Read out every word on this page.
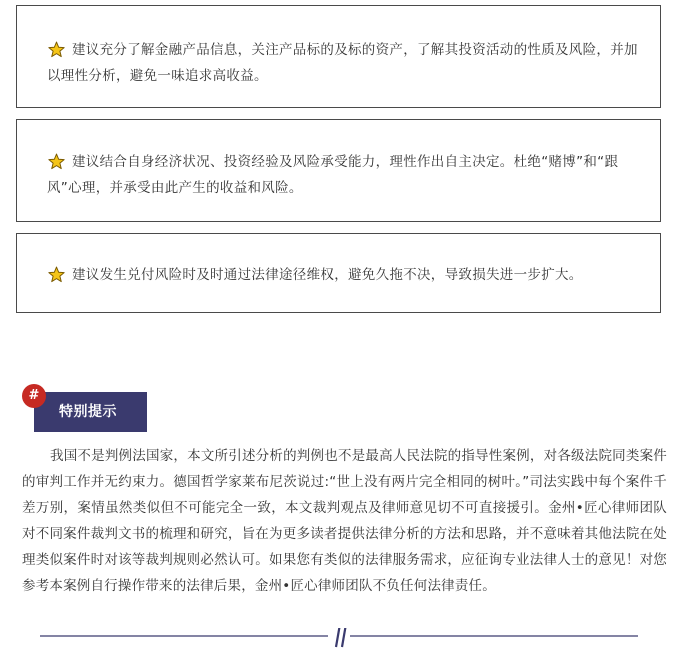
建议充分了解金融产品信息，关注产品标的及标的资产，了解其投资活动的性质及风险，并加以理性分析，避免一味追求高收益。
建议结合自身经济状况、投资经验及风险承受能力，理性作出自主决定。杜绝“赌博”和“跟风”心理，并承受由此产生的收益和风险。
建议发生兑付风险时及时通过法律途径维权，避免久拖不决，导致损失进一步扩大。
特别提示
#
我国不是判例法国家，本文所引述分析的判例也不是最高人民法院的指导性案例，对各级法院同类案件的审判工作并无约束力。德国哲学家莱布尼茨说过:“世上没有两片完全相同的树叶。”司法实践中每个案件千差万别，案情虽然类似但不可能完全一致，本文裁判观点及律师意见切不可直接援引。金州•匠心律师团队对不同案件裁判文书的梳理和研究，旨在为更多读者提供法律分析的方法和思路，并不意味着其他法院在处理类似案件时对该等裁判规则必然认可。如果您有类似的法律服务需求，应征询专业法律人士的意见！对您参考本案例自行操作带来的法律后果，金州•匠心律师团队不负任何法律责任。
